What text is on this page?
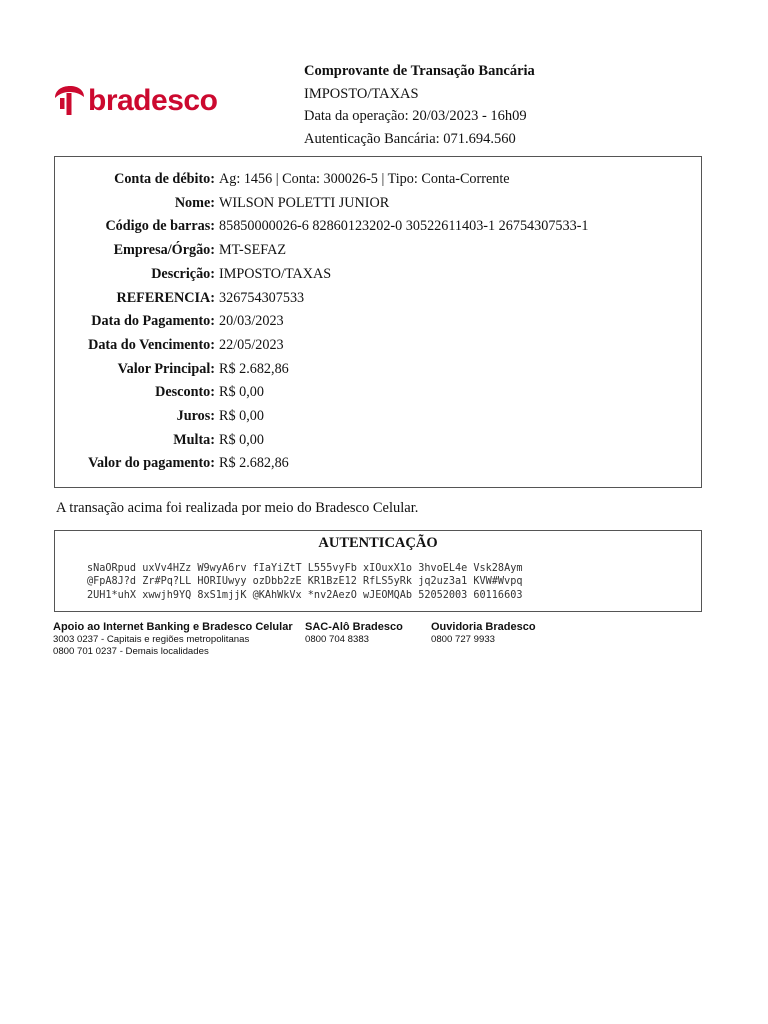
bradesco
Comprovante de Transação Bancária
IMPOSTO/TAXAS
Data da operação: 20/03/2023 - 16h09
Autenticação Bancária: 071.694.560
Conta de débito: Ag: 1456 | Conta: 300026-5 | Tipo: Conta-Corrente
Nome: WILSON POLETTI JUNIOR
Código de barras: 85850000026-6 82860123202-0 30522611403-1 26754307533-1
Empresa/Órgão: MT-SEFAZ
Descrição: IMPOSTO/TAXAS
REFERENCIA: 326754307533
Data do Pagamento: 20/03/2023
Data do Vencimento: 22/05/2023
Valor Principal: R$ 2.682,86
Desconto: R$ 0,00
Juros: R$ 0,00
Multa: R$ 0,00
Valor do pagamento: R$ 2.682,86
A transação acima foi realizada por meio do Bradesco Celular.
AUTENTICAÇÃO
sNaORpud uxVv4HZz W9wyA6rv fIaYiZtT L555vyFb xIOuxX1o 3hvoEL4e Vsk28Aym
@FpA8J?d Zr#Pq?LL HORIUwyy ozDbb2zE KR1BzE12 RfLS5yRk jq2uz3a1 KVW#Wvpq
2UH1*uhX xwwjh9YQ 8xS1mjjK @KAhWkVx *nv2AezO wJEOMQAb 52052003 60116603
Apoio ao Internet Banking e Bradesco Celular
3003 0237 - Capitais e regiões metropolitanas
0800 701 0237 - Demais localidades
SAC-Alô Bradesco
0800 704 8383
Ouvidoria Bradesco
0800 727 9933
